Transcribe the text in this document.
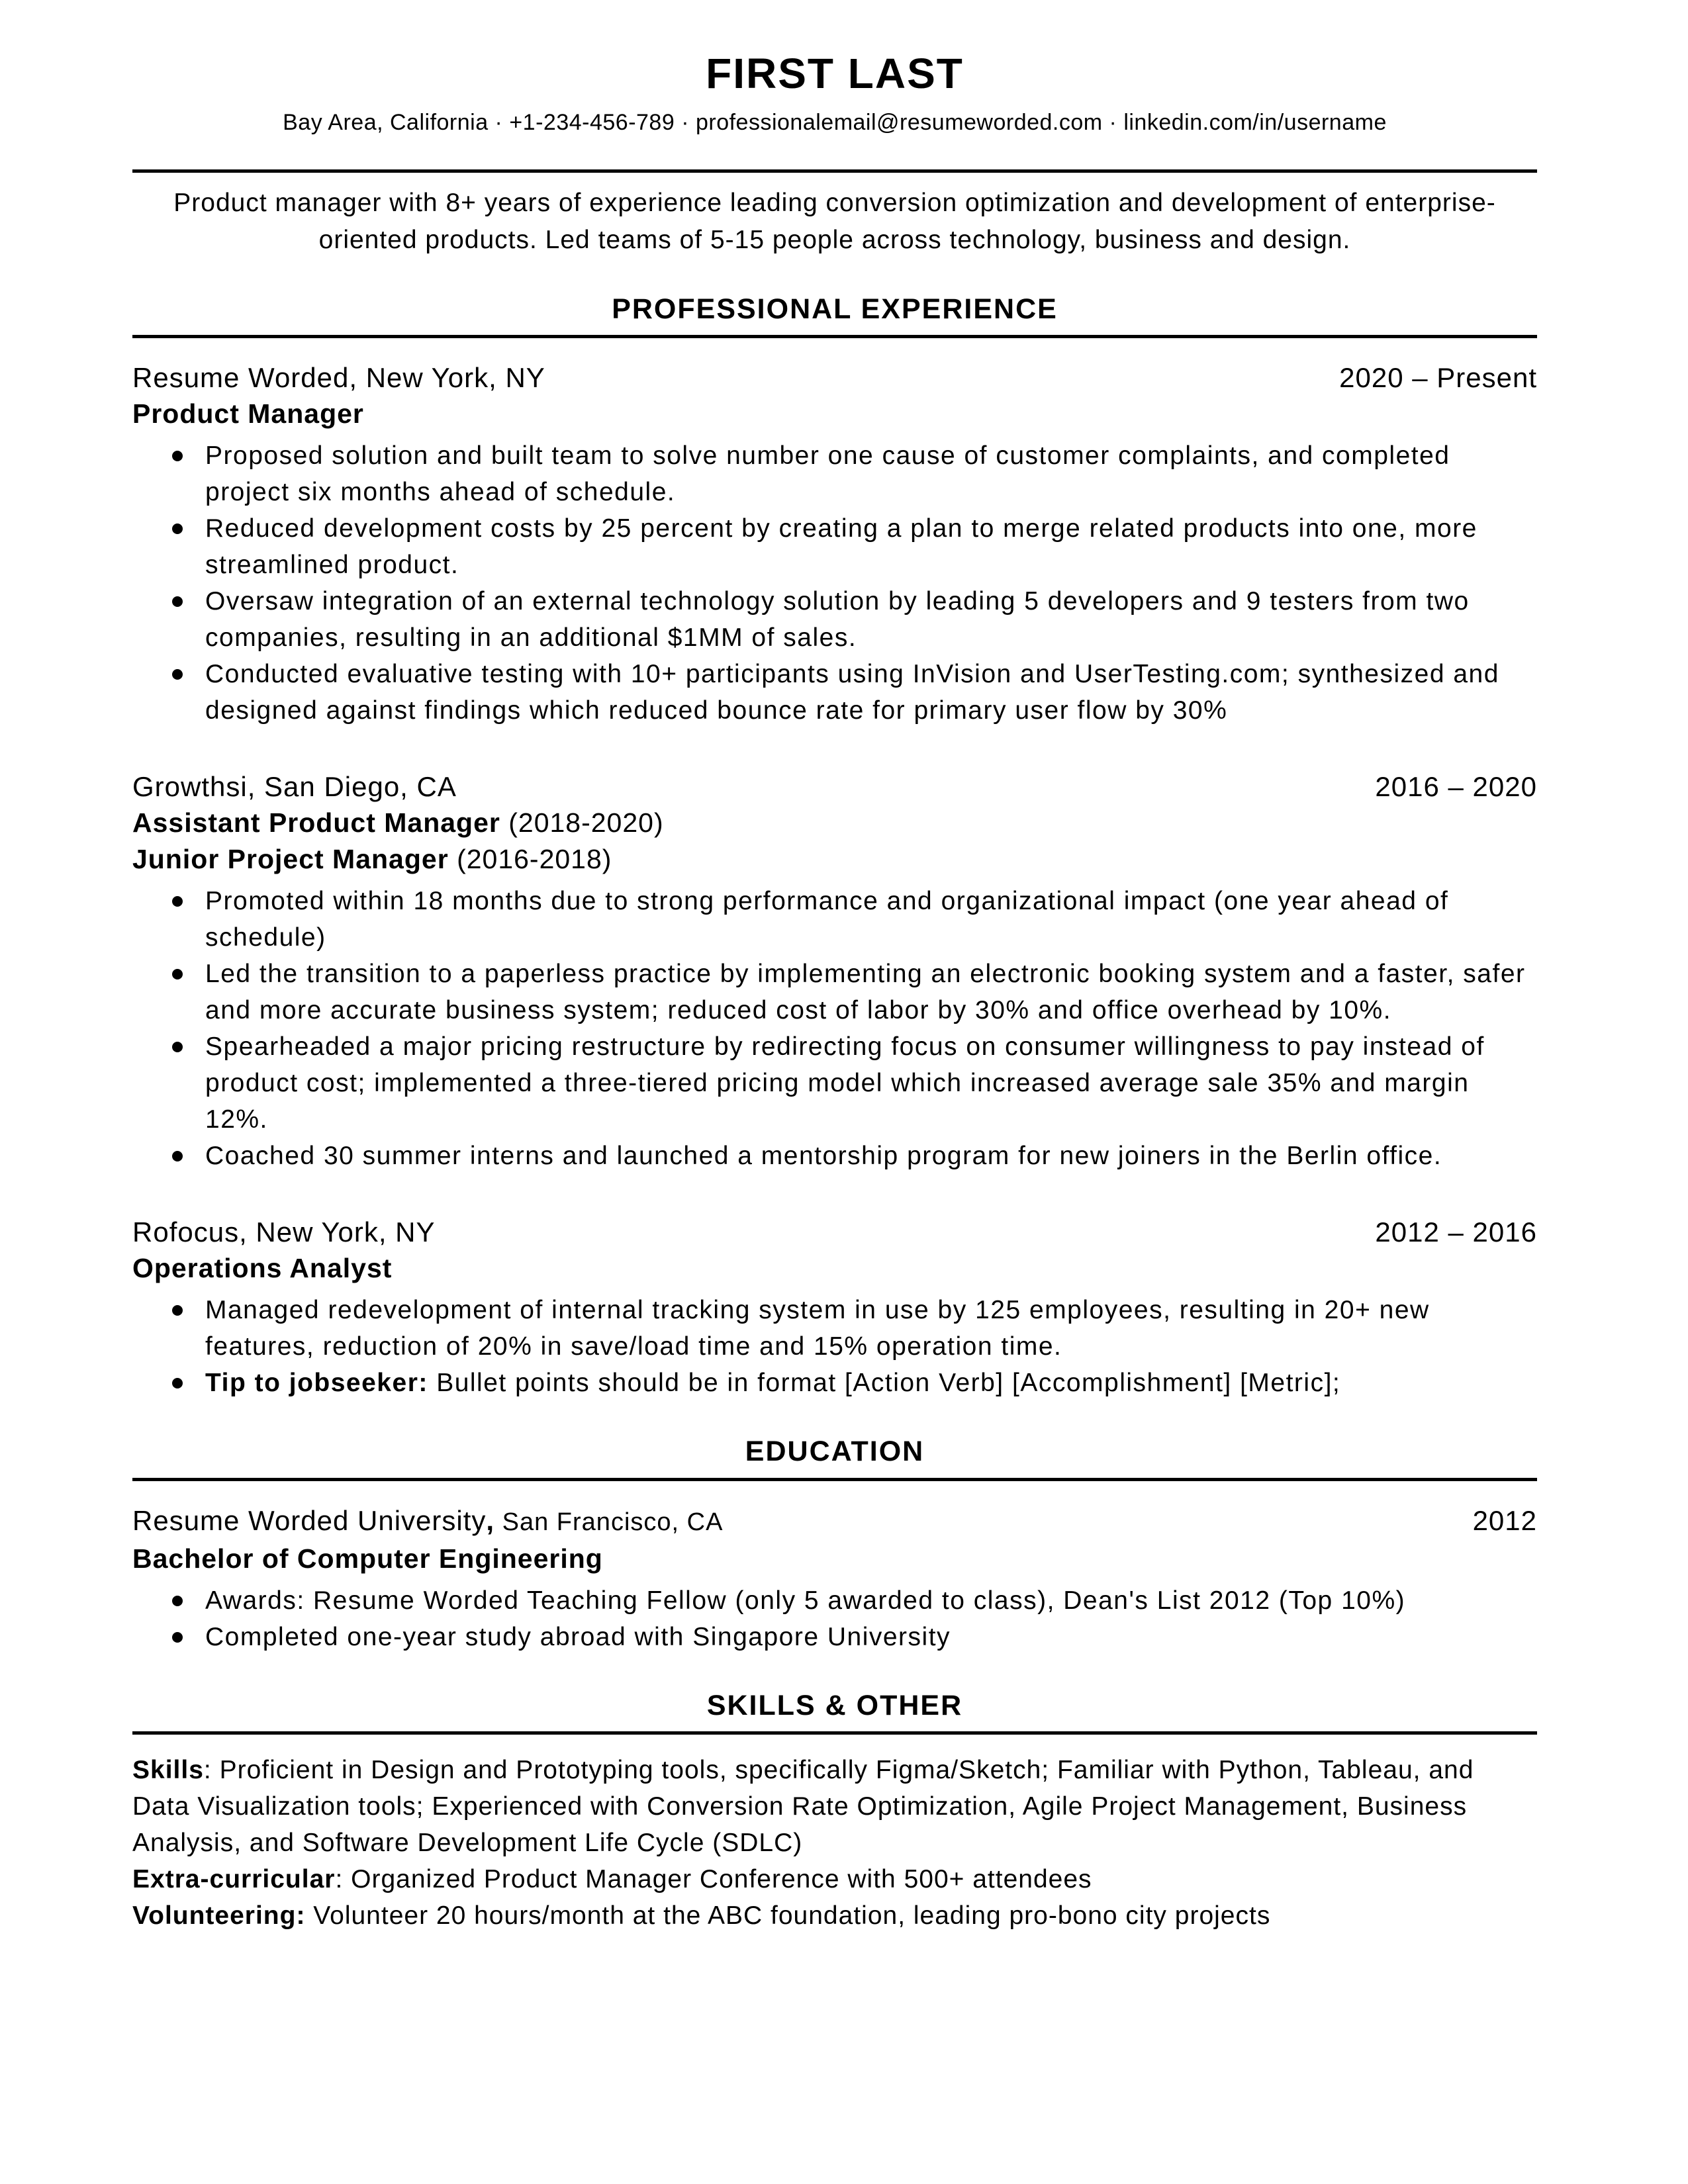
FIRST LAST
Bay Area, California · +1-234-456-789 · professionalemail@resumeworded.com · linkedin.com/in/username

Product manager with 8+ years of experience leading conversion optimization and development of enterprise-oriented products. Led teams of 5-15 people across technology, business and design.

PROFESSIONAL EXPERIENCE
Resume Worded, New York, NY	2020 – Present
Product Manager
Proposed solution and built team to solve number one cause of customer complaints, and completed project six months ahead of schedule.
Reduced development costs by 25 percent by creating a plan to merge related products into one, more streamlined product.
Oversaw integration of an external technology solution by leading 5 developers and 9 testers from two companies, resulting in an additional $1MM of sales.
Conducted evaluative testing with 10+ participants using InVision and UserTesting.com; synthesized and designed against findings which reduced bounce rate for primary user flow by 30%
Growthsi, San Diego, CA	2016 – 2020
Assistant Product Manager (2018-2020)
Junior Project Manager (2016-2018)
Promoted within 18 months due to strong performance and organizational impact (one year ahead of schedule)
Led the transition to a paperless practice by implementing an electronic booking system and a faster, safer and more accurate business system; reduced cost of labor by 30% and office overhead by 10%.
Spearheaded a major pricing restructure by redirecting focus on consumer willingness to pay instead of product cost; implemented a three-tiered pricing model which increased average sale 35% and margin 12%.
Coached 30 summer interns and launched a mentorship program for new joiners in the Berlin office.
Rofocus, New York, NY	2012 – 2016
Operations Analyst
Managed redevelopment of internal tracking system in use by 125 employees, resulting in 20+ new features, reduction of 20% in save/load time and 15% operation time.
Tip to jobseeker: Bullet points should be in format [Action Verb] [Accomplishment] [Metric];
EDUCATION
Resume Worded University, San Francisco, CA	2012
Bachelor of Computer Engineering
Awards: Resume Worded Teaching Fellow (only 5 awarded to class), Dean's List 2012 (Top 10%)
Completed one-year study abroad with Singapore University
SKILLS & OTHER

Skills: Proficient in Design and Prototyping tools, specifically Figma/Sketch; Familiar with Python, Tableau, and Data Visualization tools; Experienced with Conversion Rate Optimization, Agile Project Management, Business Analysis, and Software Development Life Cycle (SDLC)

Extra-curricular: Organized Product Manager Conference with 500+ attendees

Volunteering: Volunteer 20 hours/month at the ABC foundation, leading pro-bono city projects
